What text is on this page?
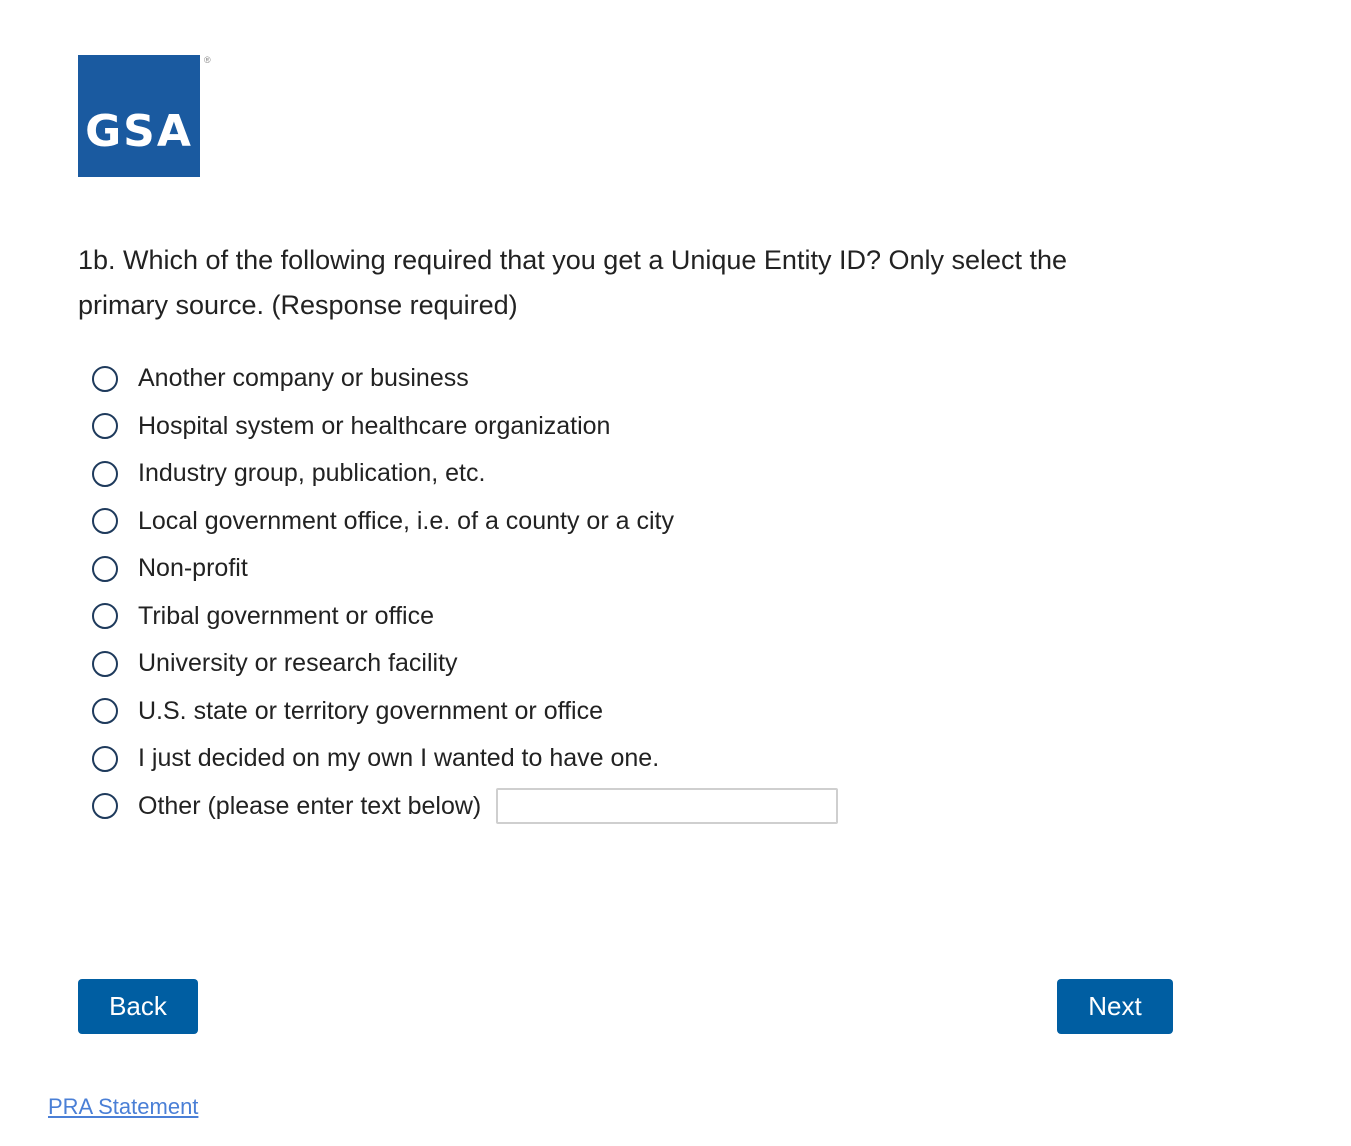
GSA
®
1b. Which of the following required that you get a Unique Entity ID? Only select the primary source. (Response required)
Another company or business
Hospital system or healthcare organization
Industry group, publication, etc.
Local government office, i.e. of a county or a city
Non-profit
Tribal government or office
University or research facility
U.S. state or territory government or office
I just decided on my own I wanted to have one.
Other (please enter text below)
Back	Next
PRA Statement
